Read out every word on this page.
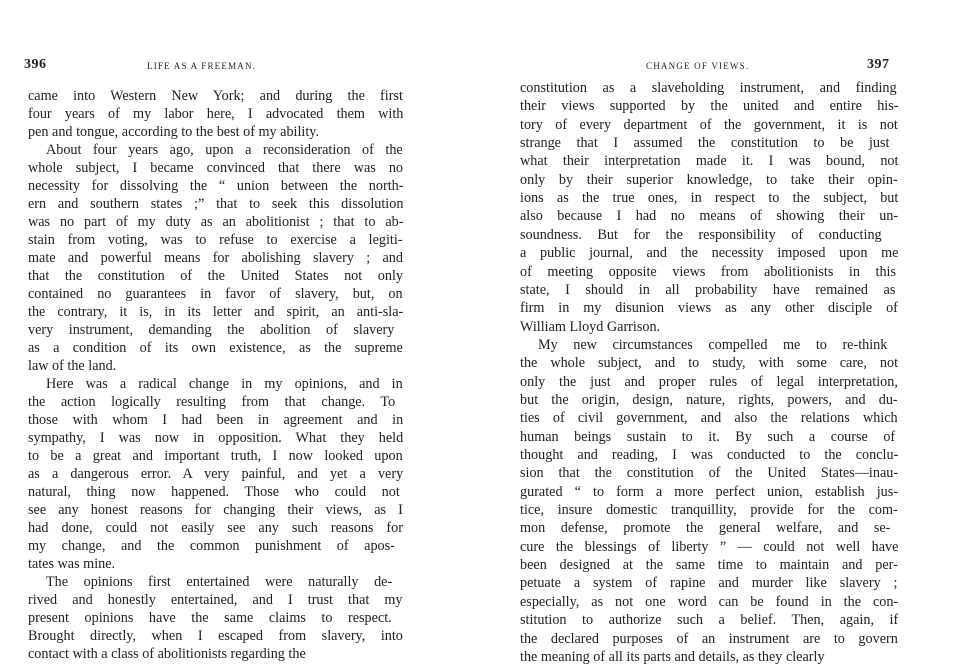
396	LIFE AS A FREEMAN.
came into Western New York; and during the first
four years of my labor here, I advocated them with
pen and tongue, according to the best of my ability.
About four years ago, upon a reconsideration of the
whole subject, I became convinced that there was no
necessity for dissolving the “ union between the north-
ern and southern states ;” that to seek this dissolution
was no part of my duty as an abolitionist ; that to ab-
stain from voting, was to refuse to exercise a legiti-
mate and powerful means for abolishing slavery ; and
that the constitution of the United States not only
contained no guarantees in favor of slavery, but, on
the contrary, it is, in its letter and spirit, an anti-sla-
very instrument, demanding the abolition of slavery
as a condition of its own existence, as the supreme
law of the land.
Here was a radical change in my opinions, and in
the action logically resulting from that change. To
those with whom I had been in agreement and in
sympathy, I was now in opposition. What they held
to be a great and important truth, I now looked upon
as a dangerous error. A very painful, and yet a very
natural, thing now happened. Those who could not
see any honest reasons for changing their views, as I
had done, could not easily see any such reasons for
my change, and the common punishment of apos-
tates was mine.
The opinions first entertained were naturally de-
rived and honestly entertained, and I trust that my
present opinions have the same claims to respect.
Brought directly, when I escaped from slavery, into
contact with a class of abolitionists regarding the
CHANGE OF VIEWS.	397
constitution as a slaveholding instrument, and finding
their views supported by the united and entire his-
tory of every department of the government, it is not
strange that I assumed the constitution to be just
what their interpretation made it. I was bound, not
only by their superior knowledge, to take their opin-
ions as the true ones, in respect to the subject, but
also because I had no means of showing their un-
soundness. But for the responsibility of conducting
a public journal, and the necessity imposed upon me
of meeting opposite views from abolitionists in this
state, I should in all probability have remained as
firm in my disunion views as any other disciple of
William Lloyd Garrison.
My new circumstances compelled me to re-think
the whole subject, and to study, with some care, not
only the just and proper rules of legal interpretation,
but the origin, design, nature, rights, powers, and du-
ties of civil government, and also the relations which
human beings sustain to it. By such a course of
thought and reading, I was conducted to the conclu-
sion that the constitution of the United States—inau-
gurated “ to form a more perfect union, establish jus-
tice, insure domestic tranquillity, provide for the com-
mon defense, promote the general welfare, and se-
cure the blessings of liberty ” — could not well have
been designed at the same time to maintain and per-
petuate a system of rapine and murder like slavery ;
especially, as not one word can be found in the con-
stitution to authorize such a belief. Then, again, if
the declared purposes of an instrument are to govern
the meaning of all its parts and details, as they clearly
